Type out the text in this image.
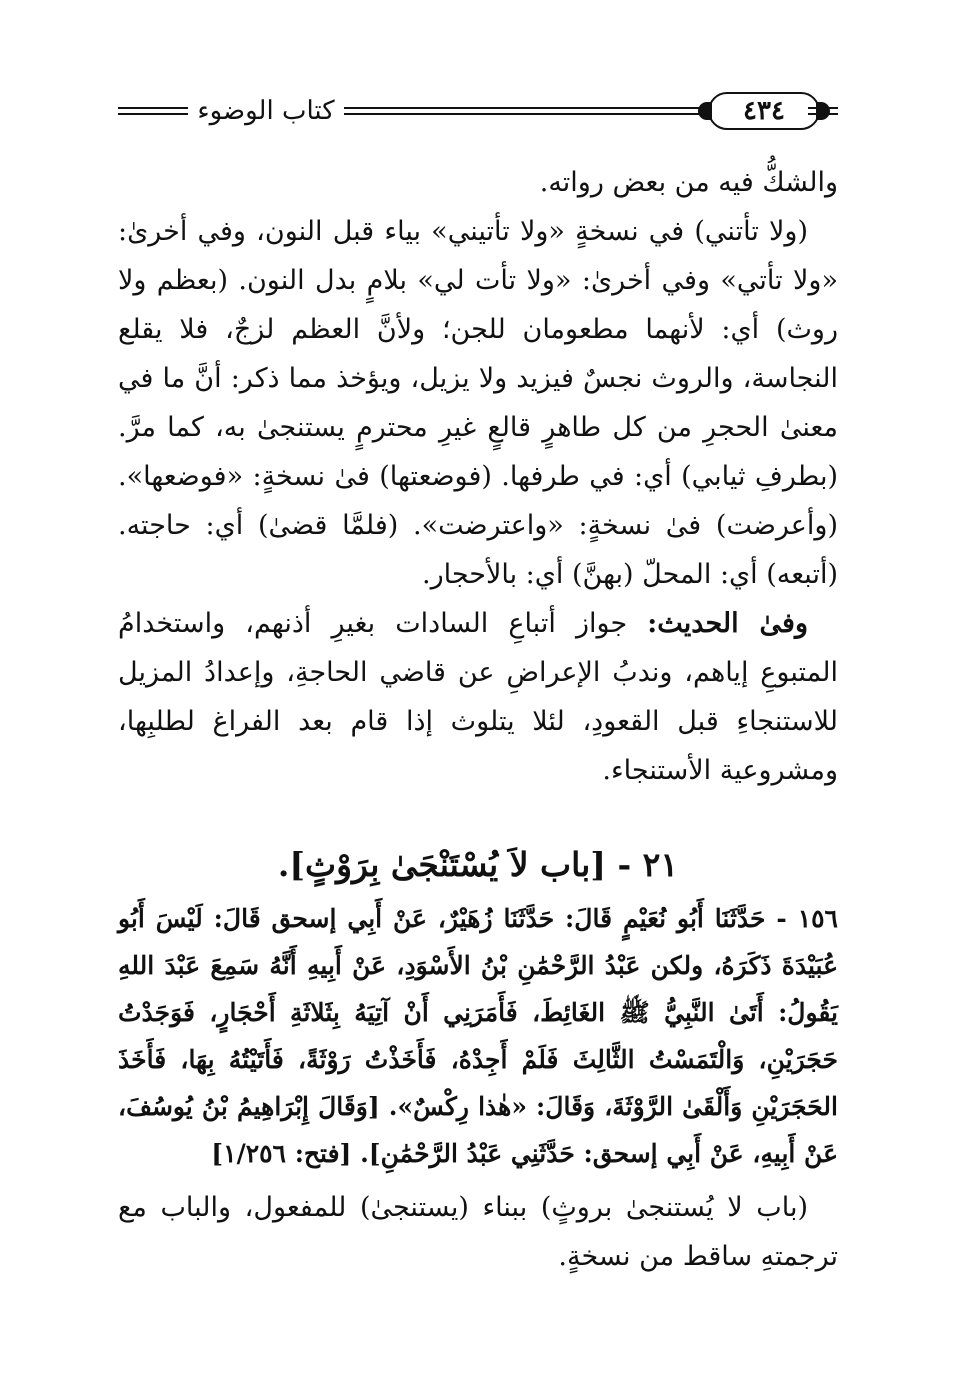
كتاب الوضوء	٤٣٤

والشكُّ فيه من بعض رواته.

(ولا تأتني) في نسخةٍ «ولا تأتيني» بياء قبل النون، وفي أخرىٰ: «ولا تأتي» وفي أخرىٰ: «ولا تأت لي» بلامٍ بدل النون. (بعظم ولا روث) أي: لأنهما مطعومان للجن؛ ولأنَّ العظم لزجٌ، فلا يقلع النجاسة، والروث نجسٌ فيزيد ولا يزيل، ويؤخذ مما ذكر: أنَّ ما في معنىٰ الحجرِ من كل طاهرٍ قالعٍ غيرِ محترمٍ يستنجىٰ به، كما مرَّ. (بطرفِ ثيابي) أي: في طرفها. (فوضعتها) فىٰ نسخةٍ: «فوضعها». (وأعرضت) فىٰ نسخةٍ: «واعترضت». (فلمَّا قضىٰ) أي: حاجته. (أتبعه) أي: المحلّ (بهنَّ) أي: بالأحجار.

وفىٰ الحديث: جواز أتباعِ السادات بغيرِ أذنهم، واستخدامُ المتبوعِ إياهم، وندبُ الإعراضِ عن قاضي الحاجةِ، وإعدادُ المزيل للاستنجاءِ قبل القعودِ، لئلا يتلوث إذا قام بعد الفراغ لطلبِها، ومشروعية الأستنجاء.

٢١ - [باب لاَ يُسْتَنْجَىٰ بِرَوْثٍ].

١٥٦ - حَدَّثَنَا أَبُو نُعَيْمٍ قَالَ: حَدَّثَنَا زُهَيْرٌ، عَنْ أَبِي إسحق قَالَ: لَيْسَ أَبُو عُبَيْدَةَ ذَكَرَهُ، ولكن عَبْدُ الرَّحْمَٰنِ بْنُ الأَسْوَدِ، عَنْ أَبِيهِ أَنَّهُ سَمِعَ عَبْدَ اللهِ يَقُولُ: أَتَىٰ النَّبِيُّ ﷺ الغَائِطَ، فَأَمَرَنِي أَنْ آتِيَهُ بِثَلاثَةِ أَحْجَارٍ، فَوَجَدْتُ حَجَرَيْنِ، وَالْتَمَسْتُ الثَّالِثَ فَلَمْ أَجِدْهُ، فَأَخَذْتُ رَوْثَةً، فَأَتَيْتُهُ بِهَا، فَأَخَذَ الحَجَرَيْنِ وَأَلْقَىٰ الرَّوْثَةَ، وَقَالَ: «هٰذا رِكْسٌ». [وَقَالَ إِبْرَاهِيمُ بْنُ يُوسُفَ، عَنْ أَبِيهِ، عَنْ أَبِي إسحق: حَدَّثَنِي عَبْدُ الرَّحْمَٰنِ]. [فتح: ١/٢٥٦]

(باب لا يُستنجىٰ بروثٍ) ببناء (يستنجىٰ) للمفعول، والباب مع ترجمتهِ ساقط من نسخةٍ.
